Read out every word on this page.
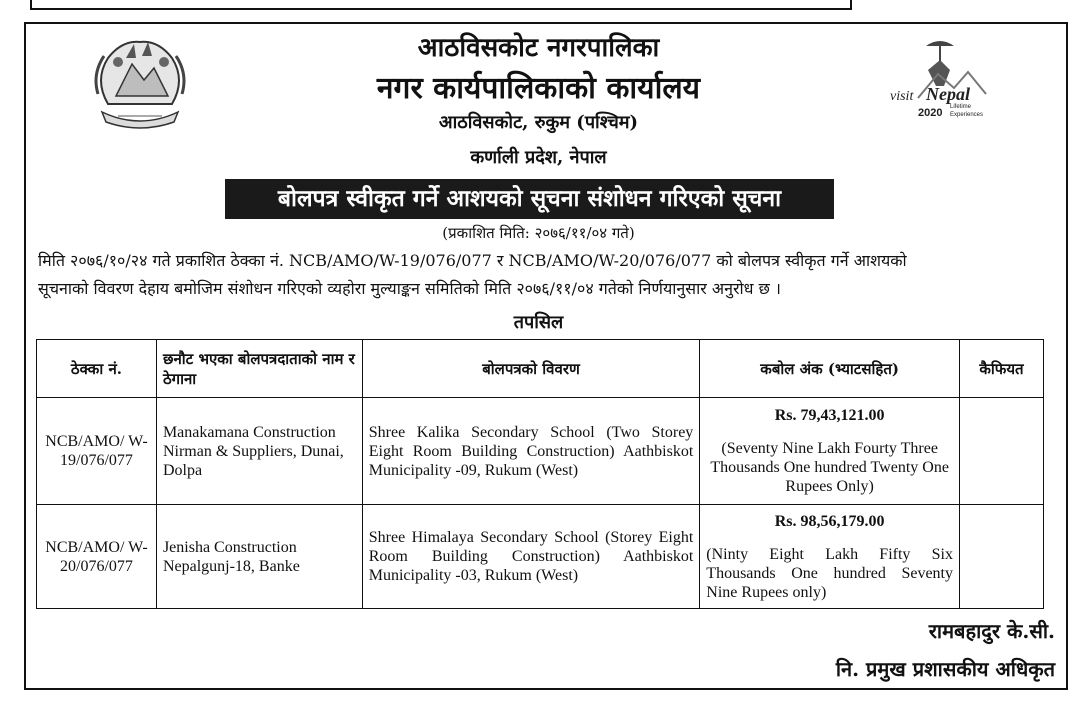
visit Nepal
2020 Lifetime
Experiences
आठविसकोट नगरपालिका
नगर कार्यपालिकाको कार्यालय
आठविसकोट, रुकुम (पश्चिम)
कर्णाली प्रदेश, नेपाल
बोलपत्र स्वीकृत गर्ने आशयको सूचना संशोधन गरिएको सूचना
(प्रकाशित मिति: २०७६/११/०४ गते)
मिति २०७६/१०/२४ गते प्रकाशित ठेक्का नं. NCB/AMO/W-19/076/077 र NCB/AMO/W-20/076/077 को बोलपत्र स्वीकृत गर्ने आशयको
सूचनाको विवरण देहाय बमोजिम संशोधन गरिएको व्यहोरा मुल्याङ्कन समितिको मिति २०७६/११/०४ गतेको निर्णयानुसार अनुरोध छ ।
तपसिल
ठेक्का नं.	छनौट भएका बोलपत्रदाताको नाम र ठेगाना	बोलपत्रको विवरण	कबोल अंक (भ्याटसहित)	कैफियत
NCB/AMO/ W-19/076/077	Manakamana Construction Nirman & Suppliers, Dunai, Dolpa	Shree Kalika Secondary School (Two Storey Eight Room Building Construction) Aathbiskot Municipality -09, Rukum (West)	Rs. 79,43,121.00
(Seventy Nine Lakh Fourty Three Thousands One hundred Twenty One Rupees Only)	

NCB/AMO/ W-20/076/077	Jenisha Construction Nepalgunj-18, Banke	Shree Himalaya Secondary School (Storey Eight Room Building Construction) Aathbiskot Municipality -03, Rukum (West)	Rs. 98,56,179.00
(Ninty Eight Lakh Fifty Six Thousands One hundred Seventy Nine Rupees only)	

रामबहादुर के.सी.
नि. प्रमुख प्रशासकीय अधिकृत
